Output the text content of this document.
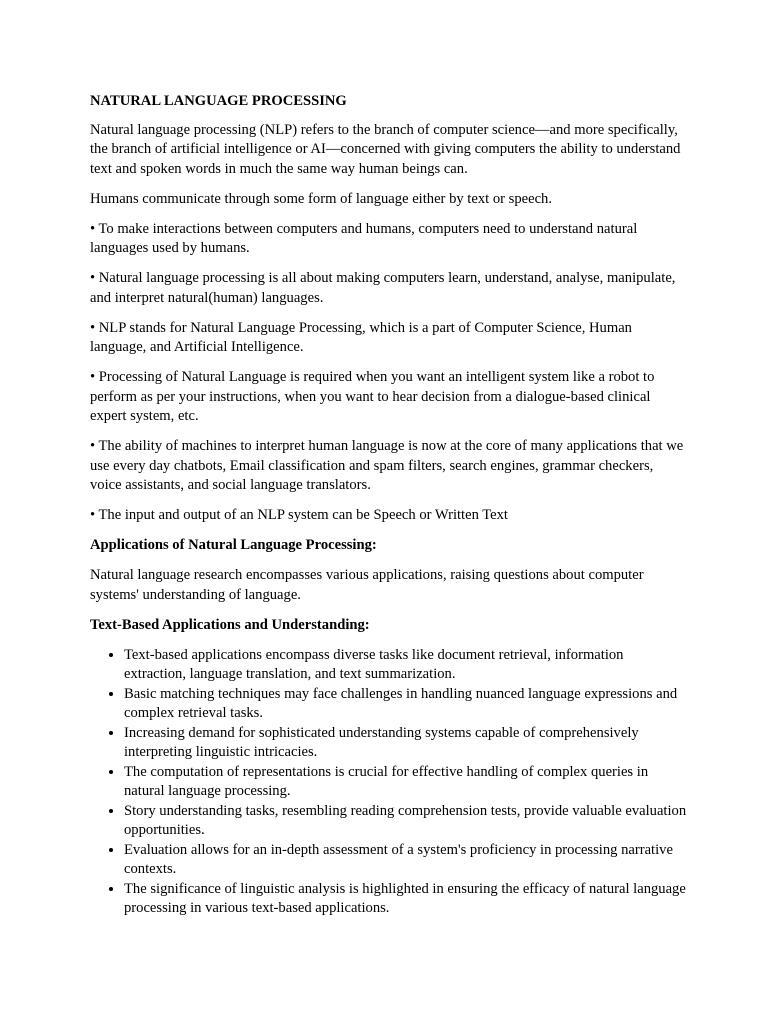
NATURAL LANGUAGE PROCESSING

Natural language processing (NLP) refers to the branch of computer science—and more specifically, the branch of artificial intelligence or AI—concerned with giving computers the ability to understand text and spoken words in much the same way human beings can.

Humans communicate through some form of language either by text or speech.

• To make interactions between computers and humans, computers need to understand natural languages used by humans.

• Natural language processing is all about making computers learn, understand, analyse, manipulate, and interpret natural(human) languages.

• NLP stands for Natural Language Processing, which is a part of Computer Science, Human language, and Artificial Intelligence.

• Processing of Natural Language is required when you want an intelligent system like a robot to perform as per your instructions, when you want to hear decision from a dialogue-based clinical expert system, etc.

• The ability of machines to interpret human language is now at the core of many applications that we use every day chatbots, Email classification and spam filters, search engines, grammar checkers, voice assistants, and social language translators.

• The input and output of an NLP system can be Speech or Written Text

Applications of Natural Language Processing:

Natural language research encompasses various applications, raising questions about computer systems' understanding of language.

Text-Based Applications and Understanding:
• Text-based applications encompass diverse tasks like document retrieval, information extraction, language translation, and text summarization.
• Basic matching techniques may face challenges in handling nuanced language expressions and complex retrieval tasks.
• Increasing demand for sophisticated understanding systems capable of comprehensively interpreting linguistic intricacies.
• The computation of representations is crucial for effective handling of complex queries in natural language processing.
• Story understanding tasks, resembling reading comprehension tests, provide valuable evaluation opportunities.
• Evaluation allows for an in-depth assessment of a system's proficiency in processing narrative contexts.
• The significance of linguistic analysis is highlighted in ensuring the efficacy of natural language processing in various text-based applications.
